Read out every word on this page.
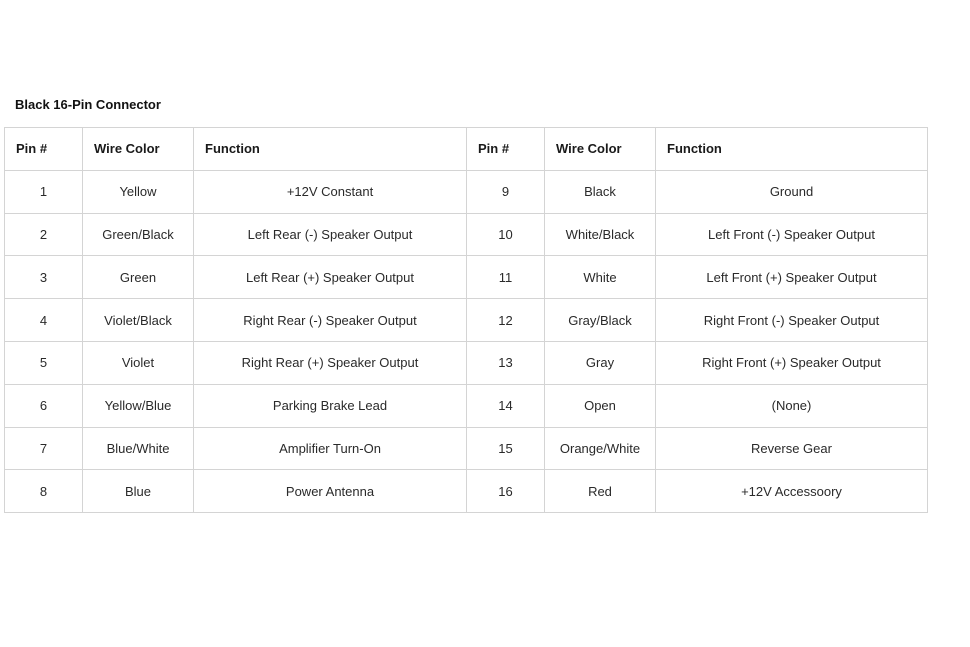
Black 16-Pin Connector
Pin #	Wire Color	Function	Pin #	Wire Color	Function
1	Yellow	+12V Constant	9	Black	Ground
2	Green/Black	Left Rear (-) Speaker Output	10	White/Black	Left Front (-) Speaker Output
3	Green	Left Rear (+) Speaker Output	11	White	Left Front (+) Speaker Output
4	Violet/Black	Right Rear (-) Speaker Output	12	Gray/Black	Right Front (-) Speaker Output
5	Violet	Right Rear (+) Speaker Output	13	Gray	Right Front (+) Speaker Output
6	Yellow/Blue	Parking Brake Lead	14	Open	(None)
7	Blue/White	Amplifier Turn-On	15	Orange/White	Reverse Gear
8	Blue	Power Antenna	16	Red	+12V Accessoory
